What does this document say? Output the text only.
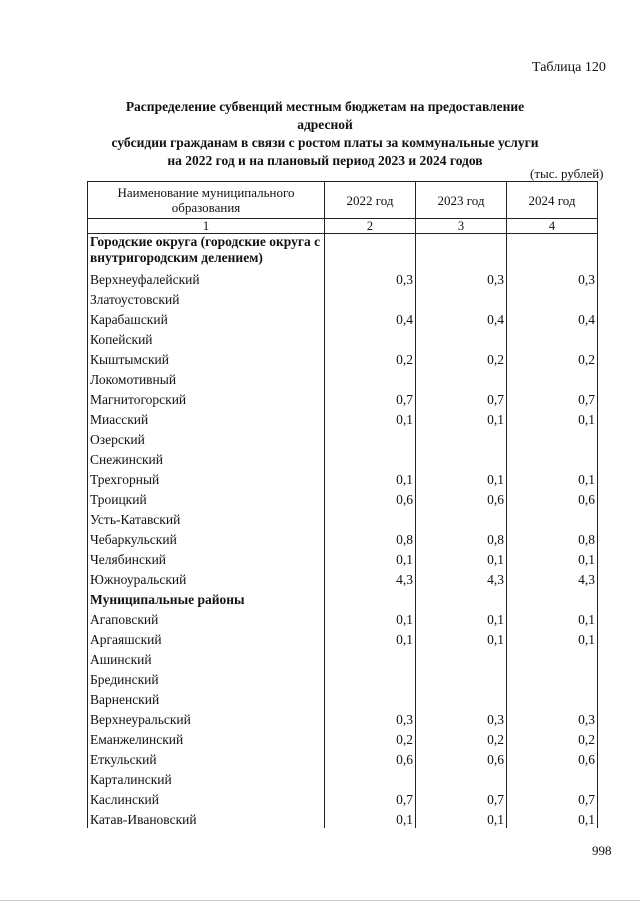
Таблица 120
Распределение субвенций местным бюджетам на предоставление адресной
субсидии гражданам в связи с ростом платы за коммунальные услуги
на 2022 год и на плановый период 2023 и 2024 годов
(тыс. рублей)
Наименование муниципального образования	2022 год	2023 год	2024 год
1	2	3	4
Городские округа (городские округа с внутригородским делением)			
Верхнеуфалейский	0,3	0,3	0,3
Златоустовский			
Карабашский	0,4	0,4	0,4
Копейский			
Кыштымский	0,2	0,2	0,2
Локомотивный			
Магнитогорский	0,7	0,7	0,7
Миасский	0,1	0,1	0,1
Озерский			
Снежинский			
Трехгорный	0,1	0,1	0,1
Троицкий	0,6	0,6	0,6
Усть-Катавский			
Чебаркульский	0,8	0,8	0,8
Челябинский	0,1	0,1	0,1
Южноуральский	4,3	4,3	4,3
Муниципальные районы			
Агаповский	0,1	0,1	0,1
Аргаяшский	0,1	0,1	0,1
Ашинский			
Брединский			
Варненский			
Верхнеуральский	0,3	0,3	0,3
Еманжелинский	0,2	0,2	0,2
Еткульский	0,6	0,6	0,6
Карталинский			
Каслинский	0,7	0,7	0,7
Катав-Ивановский	0,1	0,1	0,1
998
